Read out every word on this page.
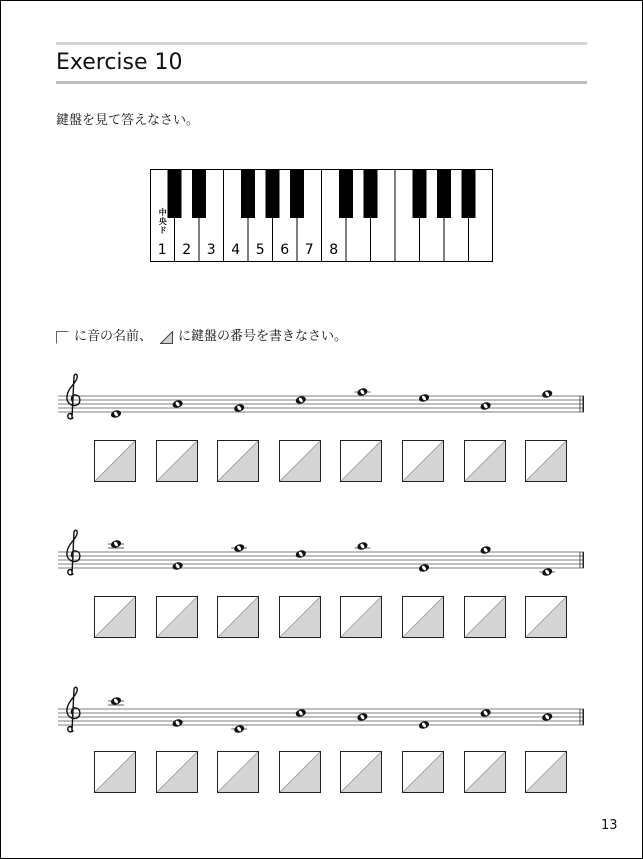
Exercise 10
鍵盤を見て答えなさい。
中
央
ド
1 2 3 4 5 6 7 8
に音の名前、 に鍵盤の番号を書きなさい。
13
